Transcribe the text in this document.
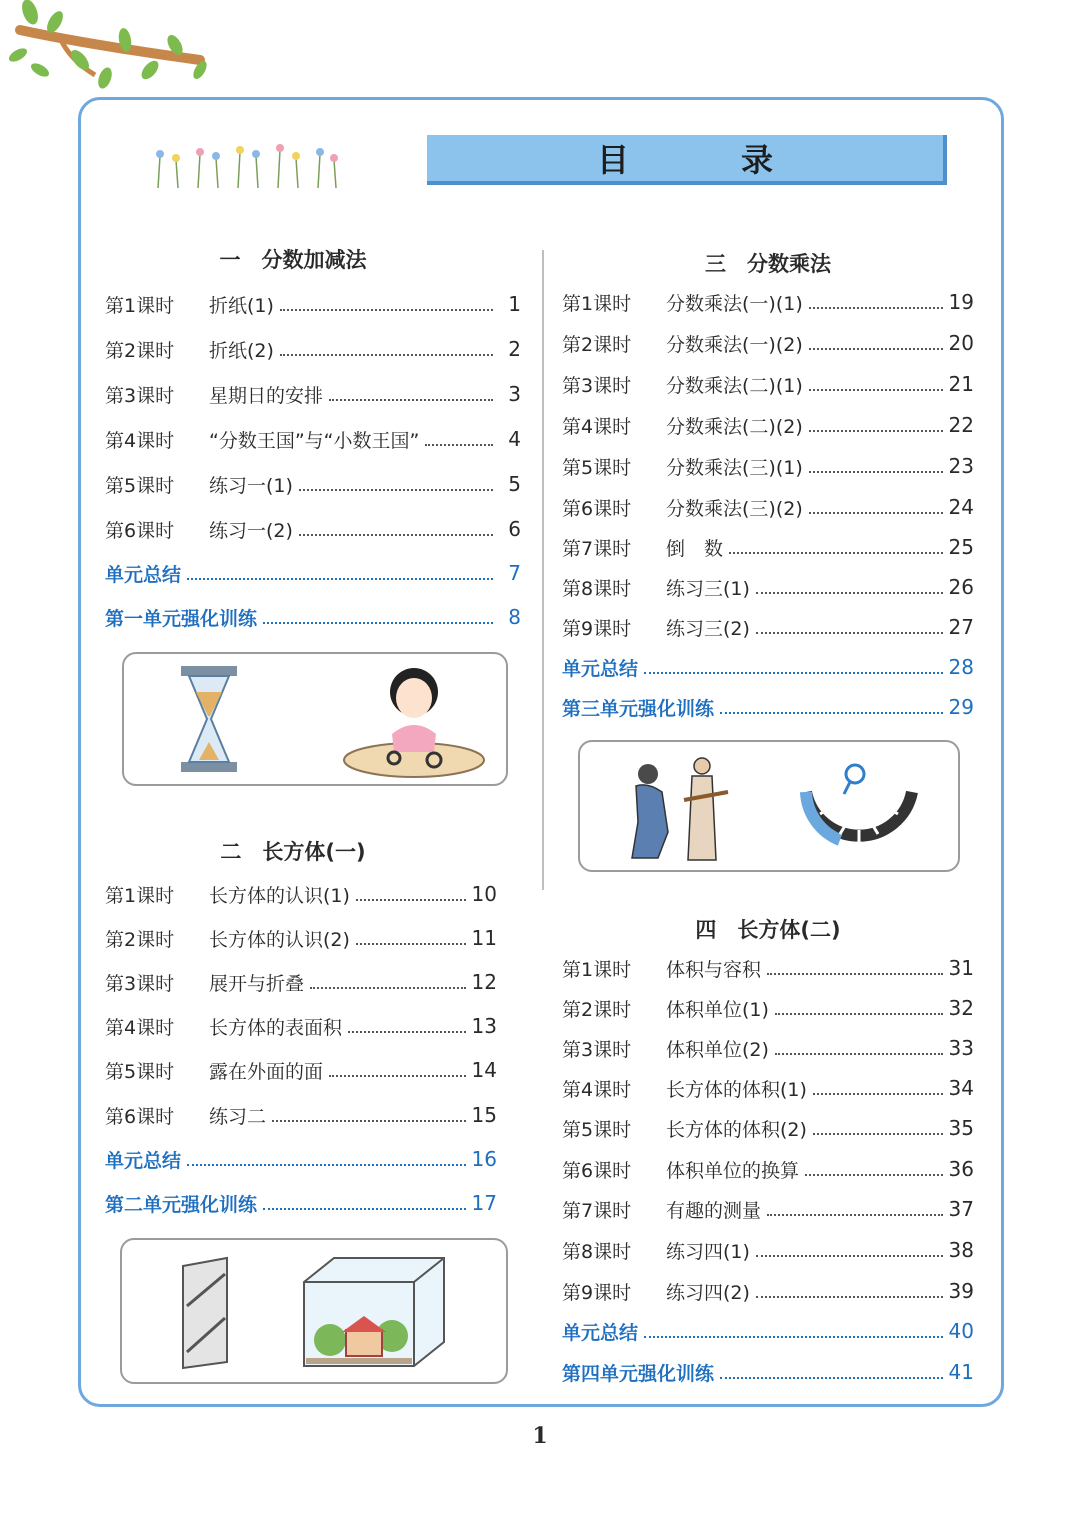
目　录
一　分数加减法
第1课时	折纸(1)	1
第2课时	折纸(2)	2
第3课时	星期日的安排	3
第4课时	“分数王国”与“小数王国”	4
第5课时	练习一(1)	5
第6课时	练习一(2)	6
单元总结	7
第一单元强化训练	8
二　长方体(一)
第1课时	长方体的认识(1)	10
第2课时	长方体的认识(2)	11
第3课时	展开与折叠	12
第4课时	长方体的表面积	13
第5课时	露在外面的面	14
第6课时	练习二	15
单元总结	16
第二单元强化训练	17
三　分数乘法
第1课时	分数乘法(一)(1)	19
第2课时	分数乘法(一)(2)	20
第3课时	分数乘法(二)(1)	21
第4课时	分数乘法(二)(2)	22
第5课时	分数乘法(三)(1)	23
第6课时	分数乘法(三)(2)	24
第7课时	倒　数	25
第8课时	练习三(1)	26
第9课时	练习三(2)	27
单元总结	28
第三单元强化训练	29
四　长方体(二)
第1课时	体积与容积	31
第2课时	体积单位(1)	32
第3课时	体积单位(2)	33
第4课时	长方体的体积(1)	34
第5课时	长方体的体积(2)	35
第6课时	体积单位的换算	36
第7课时	有趣的测量	37
第8课时	练习四(1)	38
第9课时	练习四(2)	39
单元总结	40
第四单元强化训练	41
1
